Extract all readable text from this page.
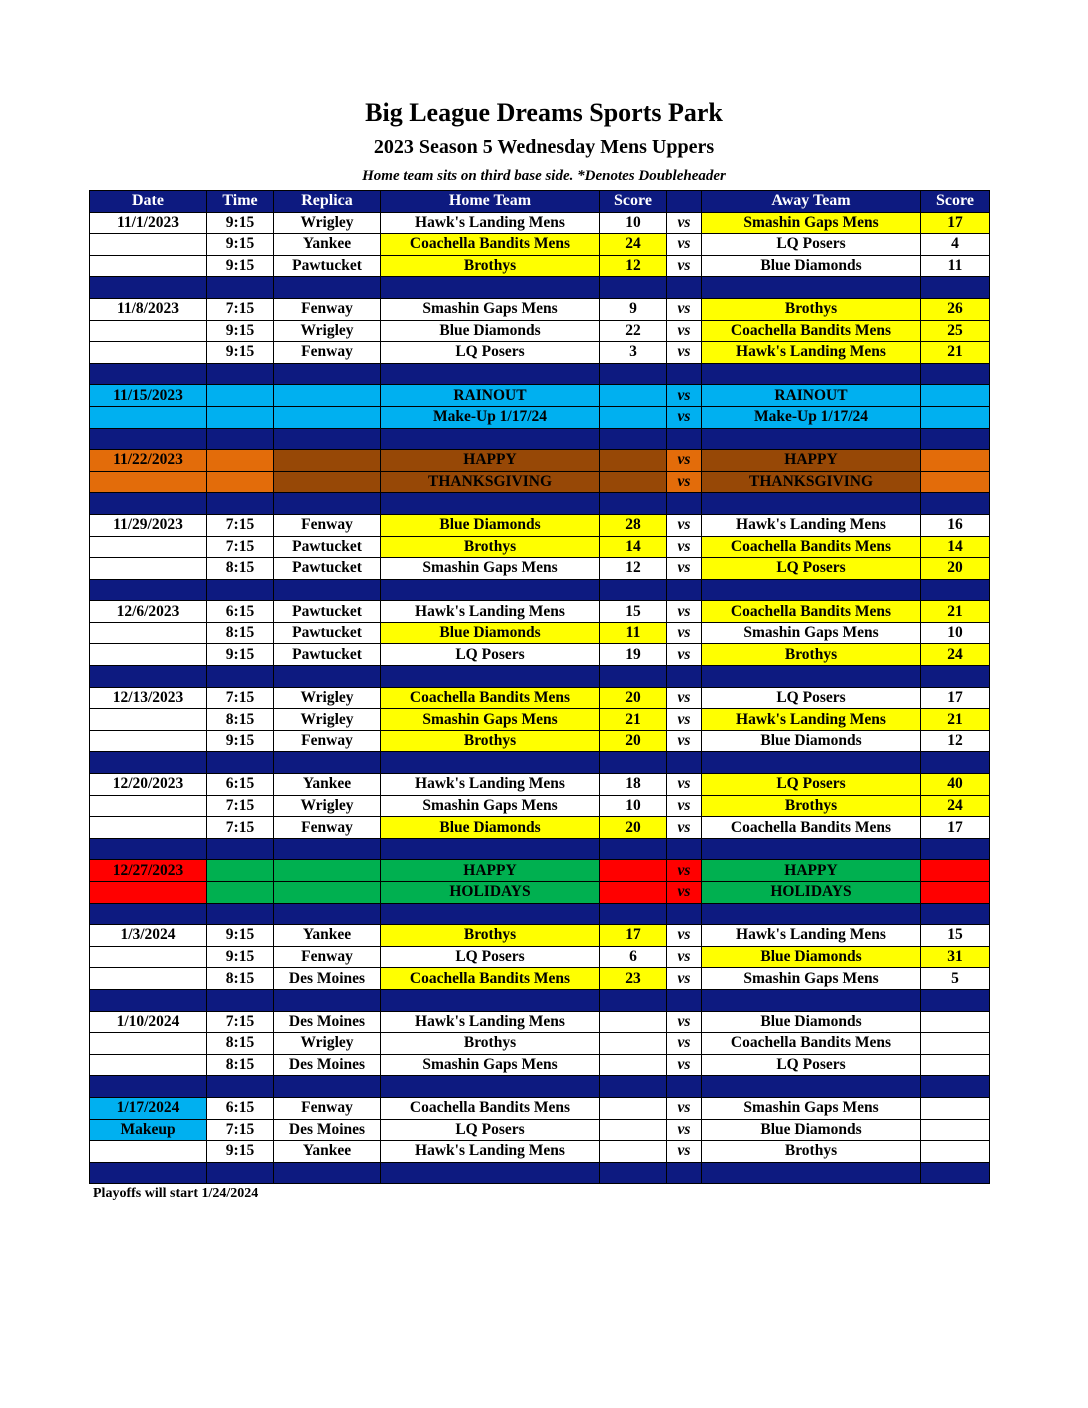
Big League Dreams Sports Park
2023 Season 5 Wednesday Mens Uppers
Home team sits on third base side. *Denotes Doubleheader
Date	Time	Replica	Home Team	Score		Away Team	Score
11/1/2023	9:15	Wrigley	Hawk's Landing Mens	10	vs	Smashin Gaps Mens	17
	9:15	Yankee	Coachella Bandits Mens	24	vs	LQ Posers	4
	9:15	Pawtucket	Brothys	12	vs	Blue Diamonds	11

11/8/2023	7:15	Fenway	Smashin Gaps Mens	9	vs	Brothys	26
	9:15	Wrigley	Blue Diamonds	22	vs	Coachella Bandits Mens	25
	9:15	Fenway	LQ Posers	3	vs	Hawk's Landing Mens	21

11/15/2023			RAINOUT		vs	RAINOUT	
			Make-Up 1/17/24		vs	Make-Up 1/17/24	

11/22/2023			HAPPY		vs	HAPPY	
			THANKSGIVING		vs	THANKSGIVING	

11/29/2023	7:15	Fenway	Blue Diamonds	28	vs	Hawk's Landing Mens	16
	7:15	Pawtucket	Brothys	14	vs	Coachella Bandits Mens	14
	8:15	Pawtucket	Smashin Gaps Mens	12	vs	LQ Posers	20

12/6/2023	6:15	Pawtucket	Hawk's Landing Mens	15	vs	Coachella Bandits Mens	21
	8:15	Pawtucket	Blue Diamonds	11	vs	Smashin Gaps Mens	10
	9:15	Pawtucket	LQ Posers	19	vs	Brothys	24

12/13/2023	7:15	Wrigley	Coachella Bandits Mens	20	vs	LQ Posers	17
	8:15	Wrigley	Smashin Gaps Mens	21	vs	Hawk's Landing Mens	21
	9:15	Fenway	Brothys	20	vs	Blue Diamonds	12

12/20/2023	6:15	Yankee	Hawk's Landing Mens	18	vs	LQ Posers	40
	7:15	Wrigley	Smashin Gaps Mens	10	vs	Brothys	24
	7:15	Fenway	Blue Diamonds	20	vs	Coachella Bandits Mens	17

12/27/2023			HAPPY		vs	HAPPY	
			HOLIDAYS		vs	HOLIDAYS	

1/3/2024	9:15	Yankee	Brothys	17	vs	Hawk's Landing Mens	15
	9:15	Fenway	LQ Posers	6	vs	Blue Diamonds	31
	8:15	Des Moines	Coachella Bandits Mens	23	vs	Smashin Gaps Mens	5

1/10/2024	7:15	Des Moines	Hawk's Landing Mens		vs	Blue Diamonds	
	8:15	Wrigley	Brothys		vs	Coachella Bandits Mens	
	8:15	Des Moines	Smashin Gaps Mens		vs	LQ Posers	

1/17/2024	6:15	Fenway	Coachella Bandits Mens		vs	Smashin Gaps Mens	
Makeup	7:15	Des Moines	LQ Posers		vs	Blue Diamonds	
	9:15	Yankee	Hawk's Landing Mens		vs	Brothys	

Playoffs will start 1/24/2024
